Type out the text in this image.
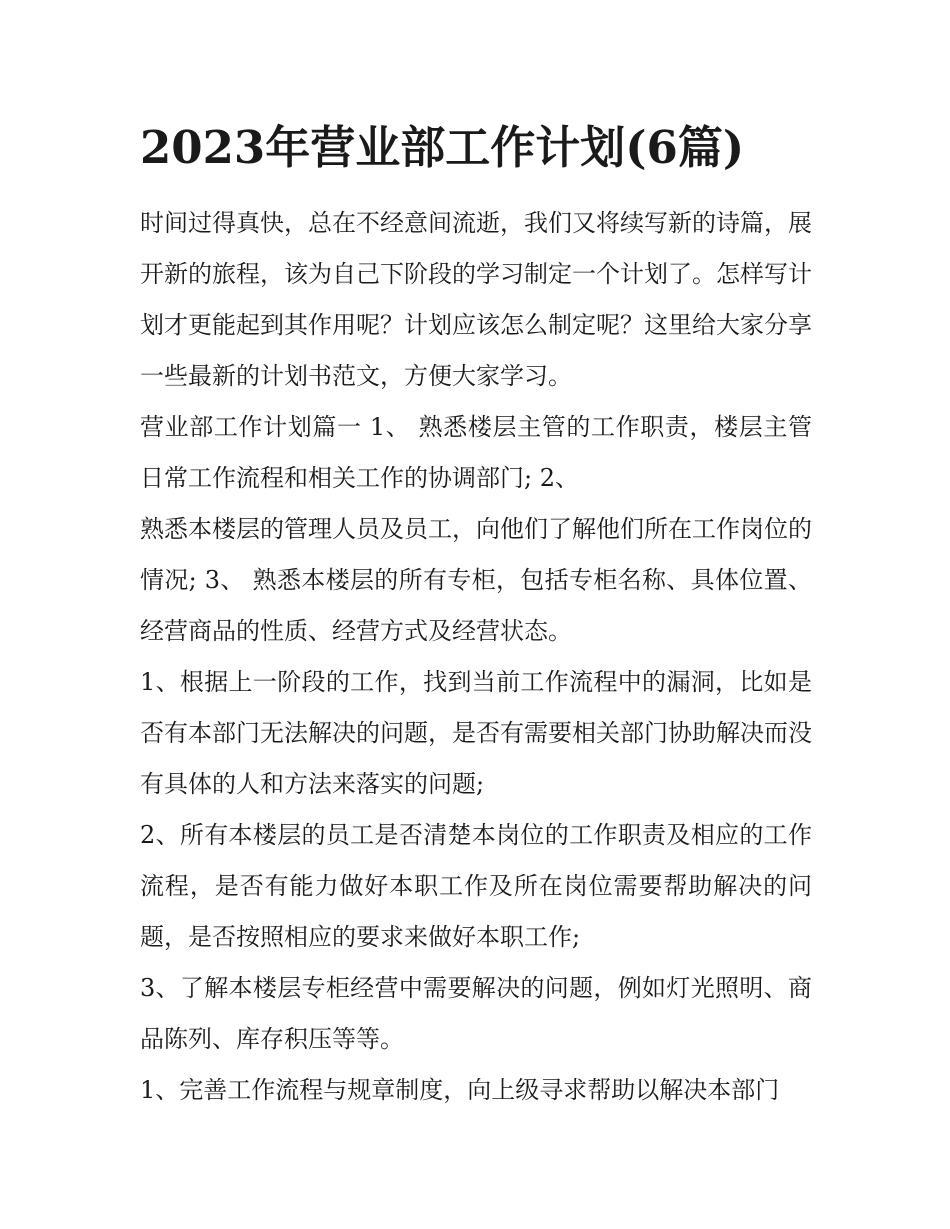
2023年营业部工作计划(6篇)

时间过得真快，总在不经意间流逝，我们又将续写新的诗篇，展开新的旅程，该为自己下阶段的学习制定一个计划了。怎样写计划才更能起到其作用呢？计划应该怎么制定呢？这里给大家分享一些最新的计划书范文，方便大家学习。

营业部工作计划篇一 1、 熟悉楼层主管的工作职责，楼层主管日常工作流程和相关工作的协调部门; 2、

熟悉本楼层的管理人员及员工，向他们了解他们所在工作岗位的情况; 3、 熟悉本楼层的所有专柜，包括专柜名称、具体位置、经营商品的性质、经营方式及经营状态。

1、根据上一阶段的工作，找到当前工作流程中的漏洞，比如是否有本部门无法解决的问题，是否有需要相关部门协助解决而没有具体的人和方法来落实的问题;

2、所有本楼层的员工是否清楚本岗位的工作职责及相应的工作流程，是否有能力做好本职工作及所在岗位需要帮助解决的问题，是否按照相应的要求来做好本职工作;

3、了解本楼层专柜经营中需要解决的问题，例如灯光照明、商品陈列、库存积压等等。

1、完善工作流程与规章制度，向上级寻求帮助以解决本部门
